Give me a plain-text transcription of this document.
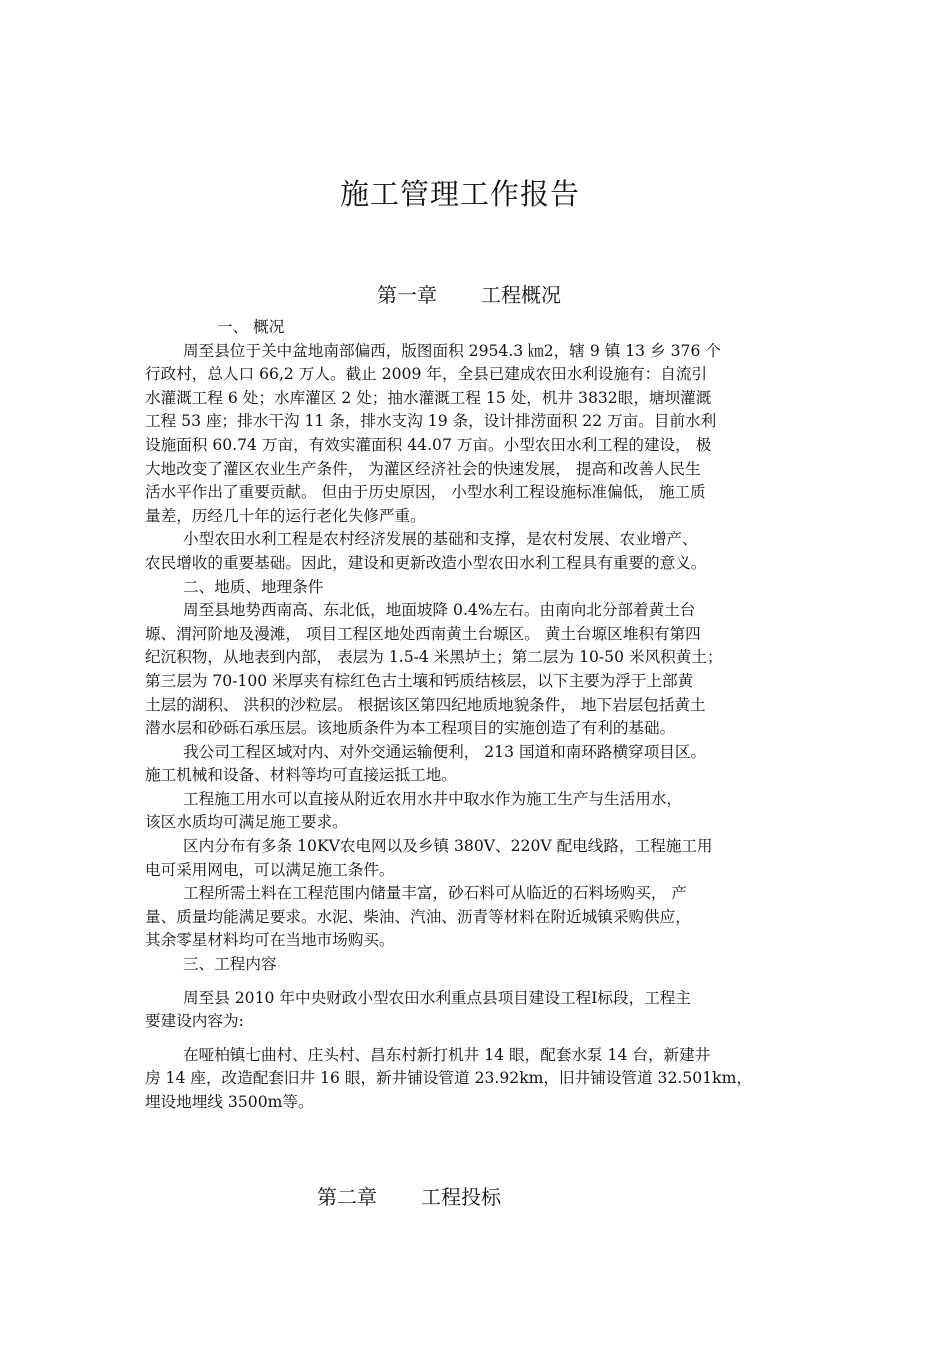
施工管理工作报告
第一章 工程概况
一、 概况
周至县位于关中盆地南部偏西，版图面积 2954.3 ㎞2，辖 9 镇 13 乡 376 个
行政村，总人口 66,2 万人。截止 2009 年，全县已建成农田水利设施有：自流引
水灌溉工程 6 处；水库灌区 2 处；抽水灌溉工程 15 处，机井 3832眼，塘坝灌溉
工程 53 座；排水干沟 11 条，排水支沟 19 条，设计排涝面积 22 万亩。目前水利
设施面积 60.74 万亩，有效实灌面积 44.07 万亩。小型农田水利工程的建设， 极
大地改变了灌区农业生产条件， 为灌区经济社会的快速发展， 提高和改善人民生
活水平作出了重要贡献。 但由于历史原因， 小型水利工程设施标准偏低， 施工质
量差，历经几十年的运行老化失修严重。
小型农田水利工程是农村经济发展的基础和支撑，是农村发展、农业增产、
农民增收的重要基础。因此，建设和更新改造小型农田水利工程具有重要的意义。
二、地质、地理条件
周至县地势西南高、东北低，地面坡降 0.4%左右。由南向北分部着黄土台
塬、渭河阶地及漫滩， 项目工程区地处西南黄土台塬区。 黄土台塬区堆积有第四
纪沉积物，从地表到内部， 表层为 1.5-4 米黑垆土；第二层为 10-50 米风积黄土；
第三层为 70-100 米厚夹有棕红色古土壤和钙质结核层，以下主要为浮于上部黄
土层的湖积、 洪积的沙粒层。 根据该区第四纪地质地貌条件， 地下岩层包括黄土
潜水层和砂砾石承压层。该地质条件为本工程项目的实施创造了有利的基础。
我公司工程区域对内、对外交通运输便利， 213 国道和南环路横穿项目区。
施工机械和设备、材料等均可直接运抵工地。
工程施工用水可以直接从附近农用水井中取水作为施工生产与生活用水，
该区水质均可满足施工要求。
区内分布有多条 10KV农电网以及乡镇 380V、220V 配电线路，工程施工用
电可采用网电，可以满足施工条件。
工程所需土料在工程范围内储量丰富，砂石料可从临近的石料场购买， 产
量、质量均能满足要求。水泥、柴油、汽油、沥青等材料在附近城镇采购供应，
其余零星材料均可在当地市场购买。
三、工程内容
周至县 2010 年中央财政小型农田水利重点县项目建设工程Ⅰ标段，工程主
要建设内容为:
在哑柏镇七曲村、庄头村、昌东村新打机井 14 眼，配套水泵 14 台，新建井
房 14 座，改造配套旧井 16 眼，新井铺设管道 23.92km，旧井铺设管道 32.501km，
埋设地埋线 3500m等。
第二章 工程投标
